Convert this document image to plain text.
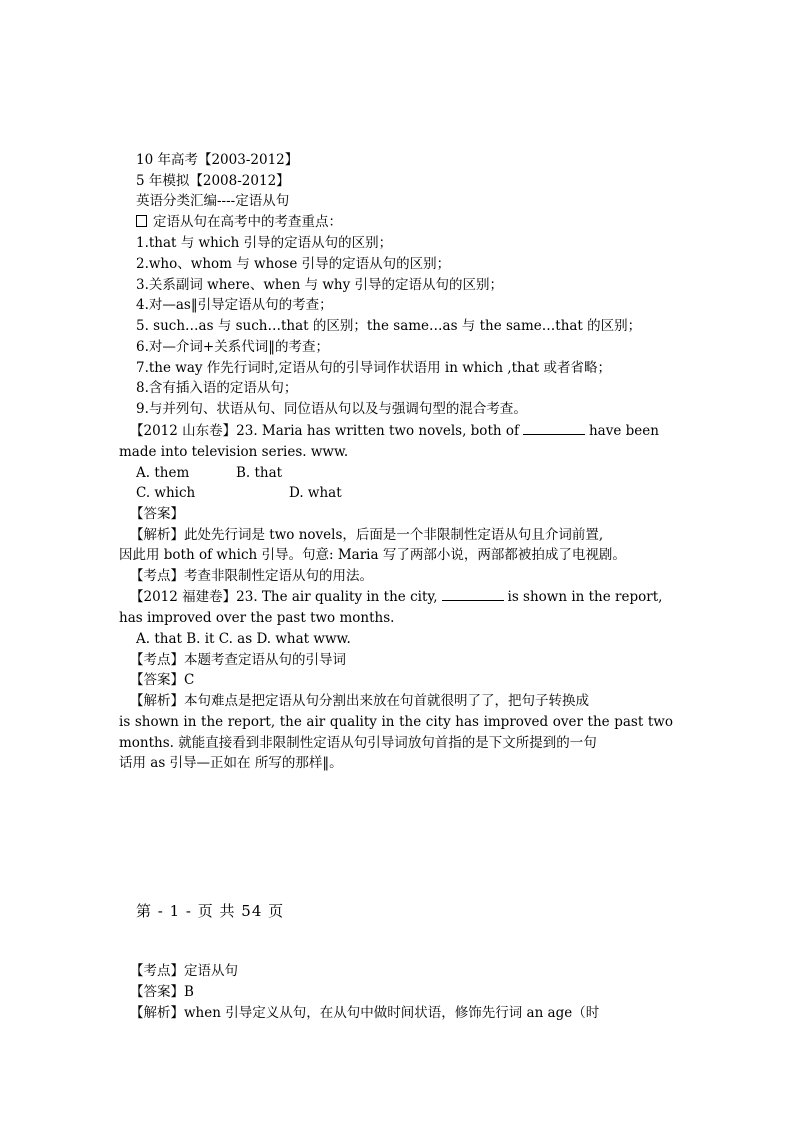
10 年高考【2003-2012】
5 年模拟【2008-2012】
英语分类汇编----定语从句
定语从句在高考中的考查重点：
1.that 与 which 引导的定语从句的区别；
2.who、whom 与 whose 引导的定语从句的区别；
3.关系副词 where、when 与 why 引导的定语从句的区别；
4.对—as‖引导定语从句的考查；
5. such…as 与 such…that 的区别；the same…as 与 the same…that 的区别；
6.对—介词+关系代词‖的考查；
7.the way 作先行词时,定语从句的引导词作状语用 in which ,that 或者省略；
8.含有插入语的定语从句；
9.与并列句、状语从句、同位语从句以及与强调句型的混合考查。
【2012 山东卷】23. Maria has written two novels, both of	have been
made into television series. www.
A. them	B. that
C. which	D. what
【答案】
【解析】此处先行词是 two novels，后面是一个非限制性定语从句且介词前置,
因此用 both of which 引导。句意: Maria 写了两部小说，两部都被拍成了电视剧。
【考点】考查非限制性定语从句的用法。
【2012 福建卷】23. The air quality in the city,	is shown in the report,
has improved over the past two months.
A. that B. it C. as D. what www.
【考点】本题考查定语从句的引导词
【答案】C
【解析】本句难点是把定语从句分割出来放在句首就很明了了，把句子转换成
is shown in the report, the air quality in the city has improved over the past two
months. 就能直接看到非限制性定语从句引导词放句首指的是下文所提到的一句
话用 as 引导—正如在 所写的那样‖。
第 - 1 - 页 共 54 页
【考点】定语从句
【答案】B
【解析】when 引导定义从句，在从句中做时间状语，修饰先行词 an age（时
